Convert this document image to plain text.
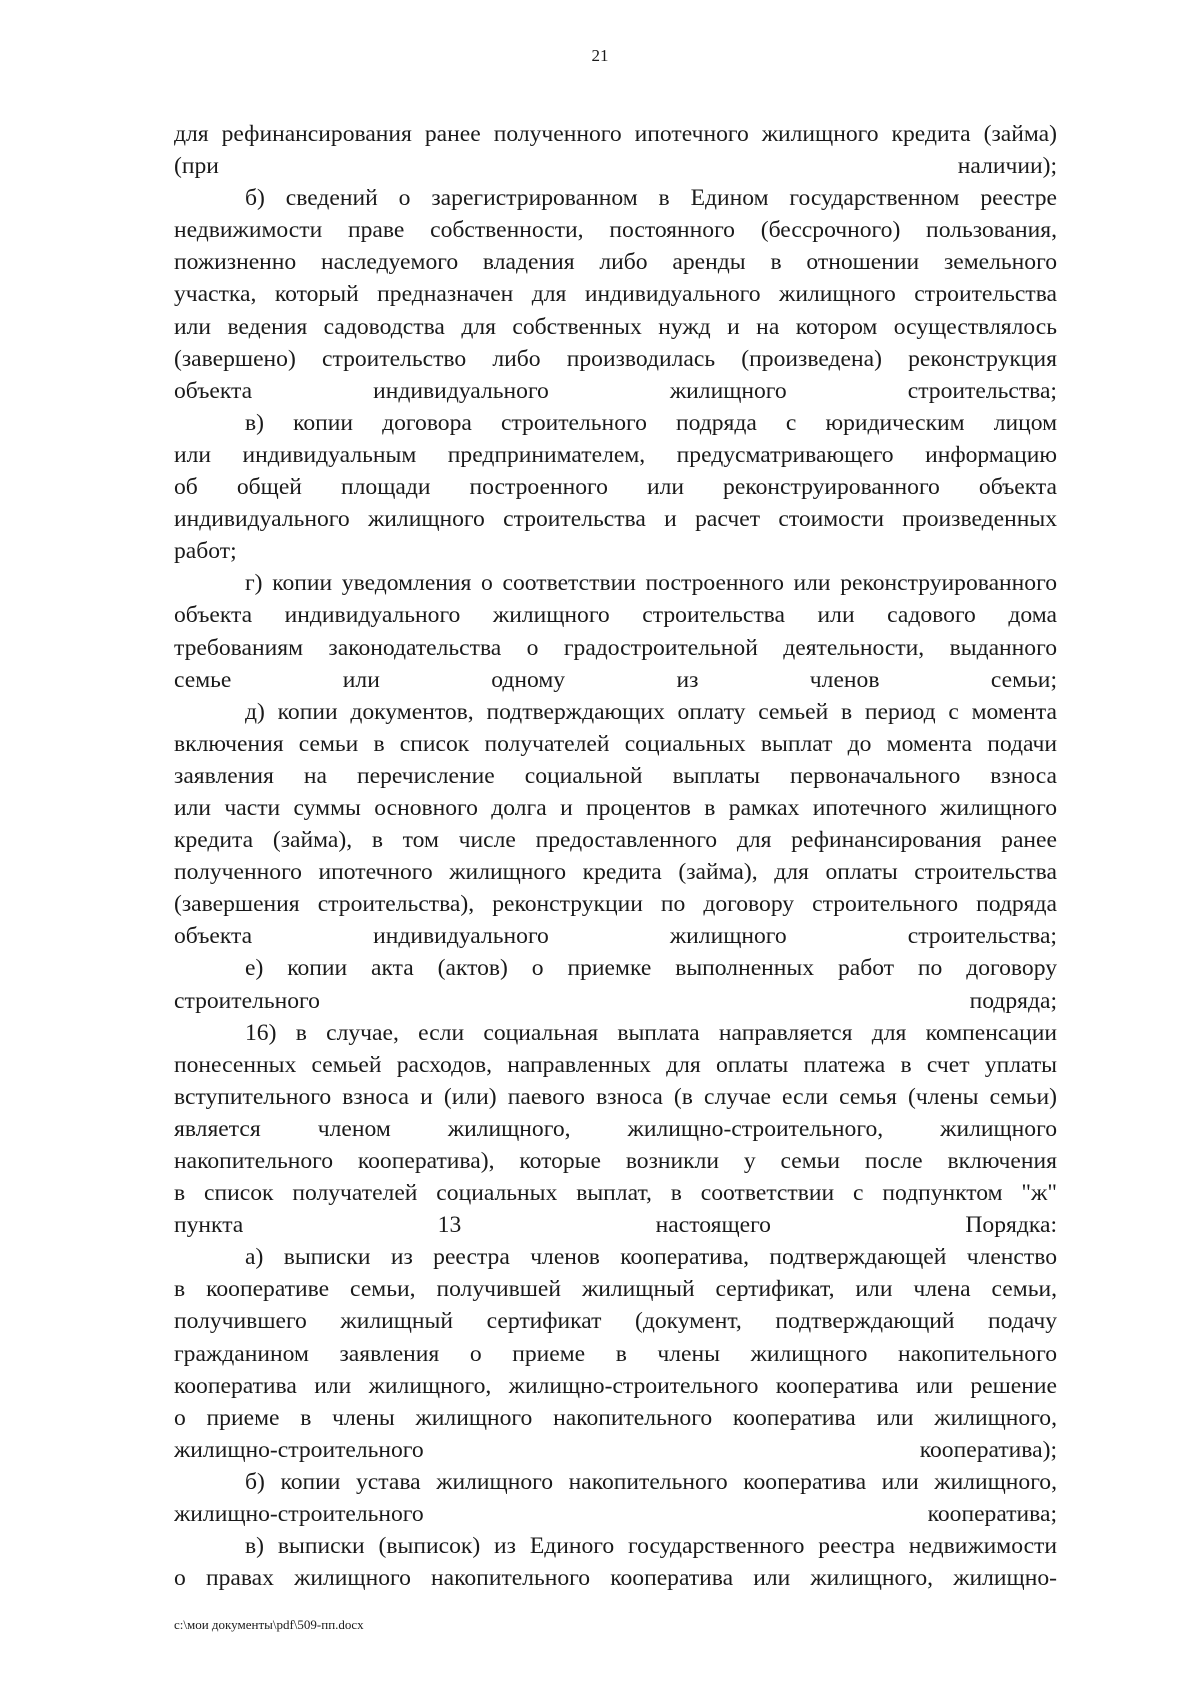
21
для рефинансирования ранее полученного ипотечного жилищного кредита (займа)
(при наличии);
б) сведений о зарегистрированном в Едином государственном реестре
недвижимости праве собственности, постоянного (бессрочного) пользования,
пожизненно наследуемого владения либо аренды в отношении земельного
участка, который предназначен для индивидуального жилищного строительства
или ведения садоводства для собственных нужд и на котором осуществлялось
(завершено) строительство либо производилась (произведена) реконструкция
объекта индивидуального жилищного строительства;
в) копии договора строительного подряда с юридическим лицом
или индивидуальным предпринимателем, предусматривающего информацию
об общей площади построенного или реконструированного объекта
индивидуального жилищного строительства и расчет стоимости произведенных
работ;
г) копии уведомления о соответствии построенного или реконструированного
объекта индивидуального жилищного строительства или садового дома
требованиям законодательства о градостроительной деятельности, выданного
семье или одному из членов семьи;
д) копии документов, подтверждающих оплату семьей в период с момента
включения семьи в список получателей социальных выплат до момента подачи
заявления на перечисление социальной выплаты первоначального взноса
или части суммы основного долга и процентов в рамках ипотечного жилищного
кредита (займа), в том числе предоставленного для рефинансирования ранее
полученного ипотечного жилищного кредита (займа), для оплаты строительства
(завершения строительства), реконструкции по договору строительного подряда
объекта индивидуального жилищного строительства;
е) копии акта (актов) о приемке выполненных работ по договору
строительного подряда;
16) в случае, если социальная выплата направляется для компенсации
понесенных семьей расходов, направленных для оплаты платежа в счет уплаты
вступительного взноса и (или) паевого взноса (в случае если семья (члены семьи)
является членом жилищного, жилищно-строительного, жилищного
накопительного кооператива), которые возникли у семьи после включения
в список получателей социальных выплат, в соответствии с подпунктом "ж"
пункта 13 настоящего Порядка:
а) выписки из реестра членов кооператива, подтверждающей членство
в кооперативе семьи, получившей жилищный сертификат, или члена семьи,
получившего жилищный сертификат (документ, подтверждающий подачу
гражданином заявления о приеме в члены жилищного накопительного
кооператива или жилищного, жилищно-строительного кооператива или решение
о приеме в члены жилищного накопительного кооператива или жилищного,
жилищно-строительного кооператива);
б) копии устава жилищного накопительного кооператива или жилищного,
жилищно-строительного кооператива;
в) выписки (выписок) из Единого государственного реестра недвижимости
о правах жилищного накопительного кооператива или жилищного, жилищно-
c:\мои документы\pdf\509-пп.docx
